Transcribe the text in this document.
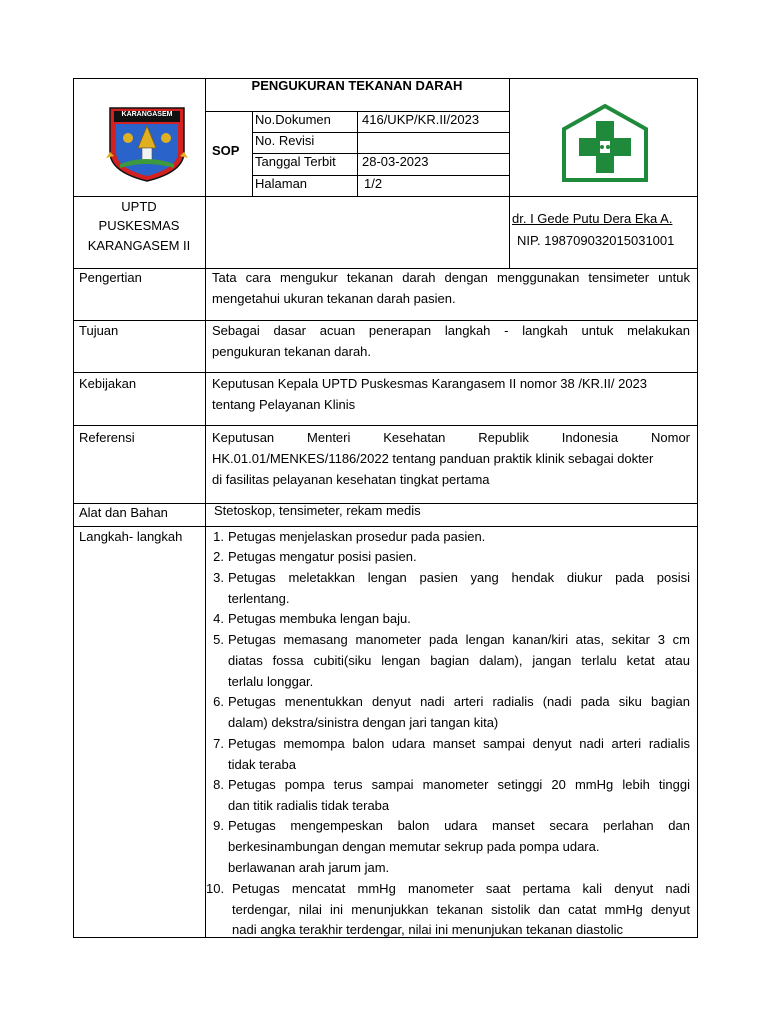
KARANGASEM
PENGUKURAN TEKANAN DARAH
SOP
No.Dokumen 416/UKP/KR.II/2023
No. Revisi
Tanggal Terbit 28-03-2023
Halaman	1/2
UPTD
PUSKESMAS
KARANGASEM II
dr. I Gede Putu Dera Eka A.
NIP. 198709032015031001
Pengertian	Tata cara mengukur tekanan darah dengan menggunakan tensimeter untuk
mengetahui ukuran tekanan darah pasien.
Tujuan	Sebagai dasar acuan penerapan langkah - langkah untuk melakukan
pengukuran tekanan darah.
Kebijakan	Keputusan Kepala UPTD Puskesmas Karangasem II nomor 38 /KR.II/ 2023
tentang Pelayanan Klinis
Referensi	Keputusan Menteri Kesehatan Republik Indonesia Nomor
HK.01.01/MENKES/1186/2022 tentang panduan praktik klinik sebagai dokter
di fasilitas pelayanan kesehatan tingkat pertama
Alat dan Bahan	Stetoskop, tensimeter, rekam medis
Langkah- langkah	1. Petugas menjelaskan prosedur pada pasien.
2. Petugas mengatur posisi pasien.
3. Petugas meletakkan lengan pasien yang hendak diukur pada posisi
terlentang.
4. Petugas membuka lengan baju.
5. Petugas memasang manometer pada lengan kanan/kiri atas, sekitar 3 cm
diatas fossa cubiti(siku lengan bagian dalam), jangan terlalu ketat atau
terlalu longgar.
6. Petugas menentukkan denyut nadi arteri radialis (nadi pada siku bagian
dalam) dekstra/sinistra dengan jari tangan kita)
7. Petugas memompa balon udara manset sampai denyut nadi arteri radialis
tidak teraba
8. Petugas pompa terus sampai manometer setinggi 20 mmHg lebih tinggi
dan titik radialis tidak teraba
9. Petugas mengempeskan balon udara manset secara perlahan dan
berkesinambungan dengan memutar sekrup pada pompa udara.
berlawanan arah jarum jam.
10. Petugas mencatat mmHg manometer saat pertama kali denyut nadi
terdengar, nilai ini menunjukkan tekanan sistolik dan catat mmHg denyut
nadi angka terakhir terdengar, nilai ini menunjukan tekanan diastolic
